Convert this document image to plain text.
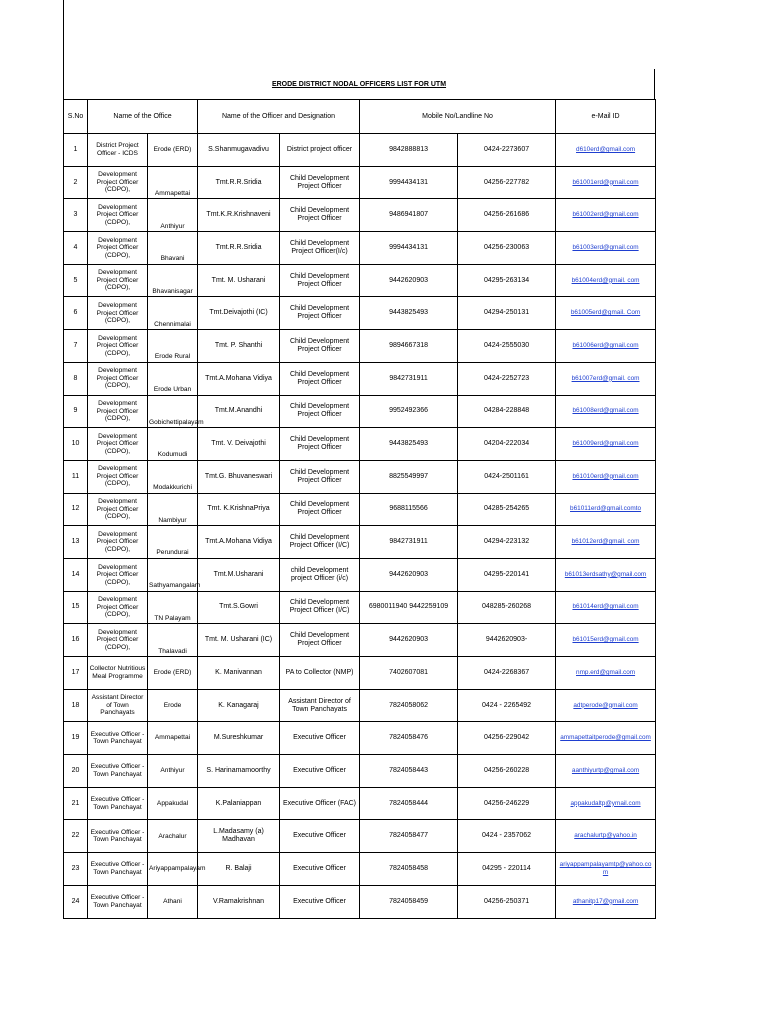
ERODE DISTRICT NODAL OFFICERS LIST FOR UTM
S.No	Name of the Office		Name of the Officer and Designation		Mobile No/Landline No		e-Mail ID
1	District Project Officer - ICDS	Erode (ERD)	S.Shanmugavadivu	District project officer	9842888813	0424-2273607	d610erd@gmail.com
2	Development Project Officer (CDPO),	Ammapettai	Tmt.R.R.Sridia	Child Development Project Officer	9994434131	04256-227782	b61001erd@gmail.com
3	Development Project Officer (CDPO),	Anthiyur	Tmt.K.R.Krishnaveni	Child Development Project Officer	9486941807	04256-261686	b61002erd@gmail.com
4	Development Project Officer (CDPO),	Bhavani	Tmt.R.R.Sridia	Child Development Project Officer(I/c)	9994434131	04256-230063	b61003erd@gmail.com
5	Development Project Officer (CDPO),	Bhavanisagar	Tmt. M. Usharani	Child Development Project Officer	9442620903	04295-263134	b61004erd@gmail. com
6	Development Project Officer (CDPO),	Chennimalai	Tmt.Deivajothi (IC)	Child Development Project Officer	9443825493	04294-250131	b61005erd@gmail. Com
7	Development Project Officer (CDPO),	Erode Rural	Tmt. P. Shanthi	Child Development Project Officer	9894667318	0424-2555030	b61006erd@gmail.com
8	Development Project Officer (CDPO),	Erode Urban	Tmt.A.Mohana Vidiya	Child Development Project Officer	9842731911	0424-2252723	b61007erd@gmail. com
9	Development Project Officer (CDPO),	Gobichettipalayam	Tmt.M.Anandhi	Child Development Project Officer	9952492366	04284-228848	b61008erd@gmail.com
10	Development Project Officer (CDPO),	Kodumudi	Tmt. V. Deivajothi	Child Development Project Officer	9443825493	04204-222034	b61009erd@gmail.com
11	Development Project Officer (CDPO),	Modakkurichi	Tmt.G. Bhuvaneswari	Child Development Project Officer	8825549997	0424-2501161	b61010erd@gmail.com
12	Development Project Officer (CDPO),	Nambiyur	Tmt. K.KrishnaPriya	Child Development Project Officer	9688115566	04285-254265	b61011erd@gmail.comto
13	Development Project Officer (CDPO),	Perundurai	Tmt.A.Mohana Vidiya	Child Development Project Officer (I/C)	9842731911	04294-223132	b61012erd@gmail. com
14	Development Project Officer (CDPO),	Sathyamangalam	Tmt.M.Usharani	child Development project Officer (i/c)	9442620903	04295-220141	b61013erdsathy@gmail.com
15	Development Project Officer (CDPO),	TN Palayam	Tmt.S.Gowri	Child Development Project Officer (I/C)	6980011940 9442259109	048285-260268	b61014erd@gmail.com
16	Development Project Officer (CDPO),	Thalavadi	Tmt. M. Usharani (IC)	Child Development Project Officer	9442620903	9442620903-	b61015erd@gmail.com
17	Collector Nutritious Meal Programme	Erode (ERD)	K. Manivannan	PA to Collector (NMP)	7402607081	0424-2268367	nmp.erd@gmail.com
18	Assistant Director of Town Panchayats	Erode	K. Kanagaraj	Assistant Director of Town Panchayats	7824058062	0424 - 2265492	adtperode@gmail.com
19	Executive Officer - Town Panchayat	Ammapettai	M.Sureshkumar	Executive Officer	7824058476	04256-229042	ammapettaitperode@gmail.com
20	Executive Officer - Town Panchayat	Anthiyur	S. Harinamamoorthy	Executive Officer	7824058443	04256-260228	aanthiyurtp@gmail.com
21	Executive Officer - Town Panchayat	Appakudal	K.Palaniappan	Executive Officer (FAC)	7824058444	04256-246229	appakudaltp@ymail.com
22	Executive Officer - Town Panchayat	Arachalur	L.Madasamy (a) Madhavan	Executive Officer	7824058477	0424 - 2357062	arachalurtp@yahoo.in
23	Executive Officer - Town Panchayat	Ariyappampalayam	R. Balaji	Executive Officer	7824058458	04295 - 220114	ariyappampalayamtp@yahoo.com
24	Executive Officer - Town Panchayat	Athani	V.Ramakrishnan	Executive Officer	7824058459	04256-250371	athanitp17@gmail.com
